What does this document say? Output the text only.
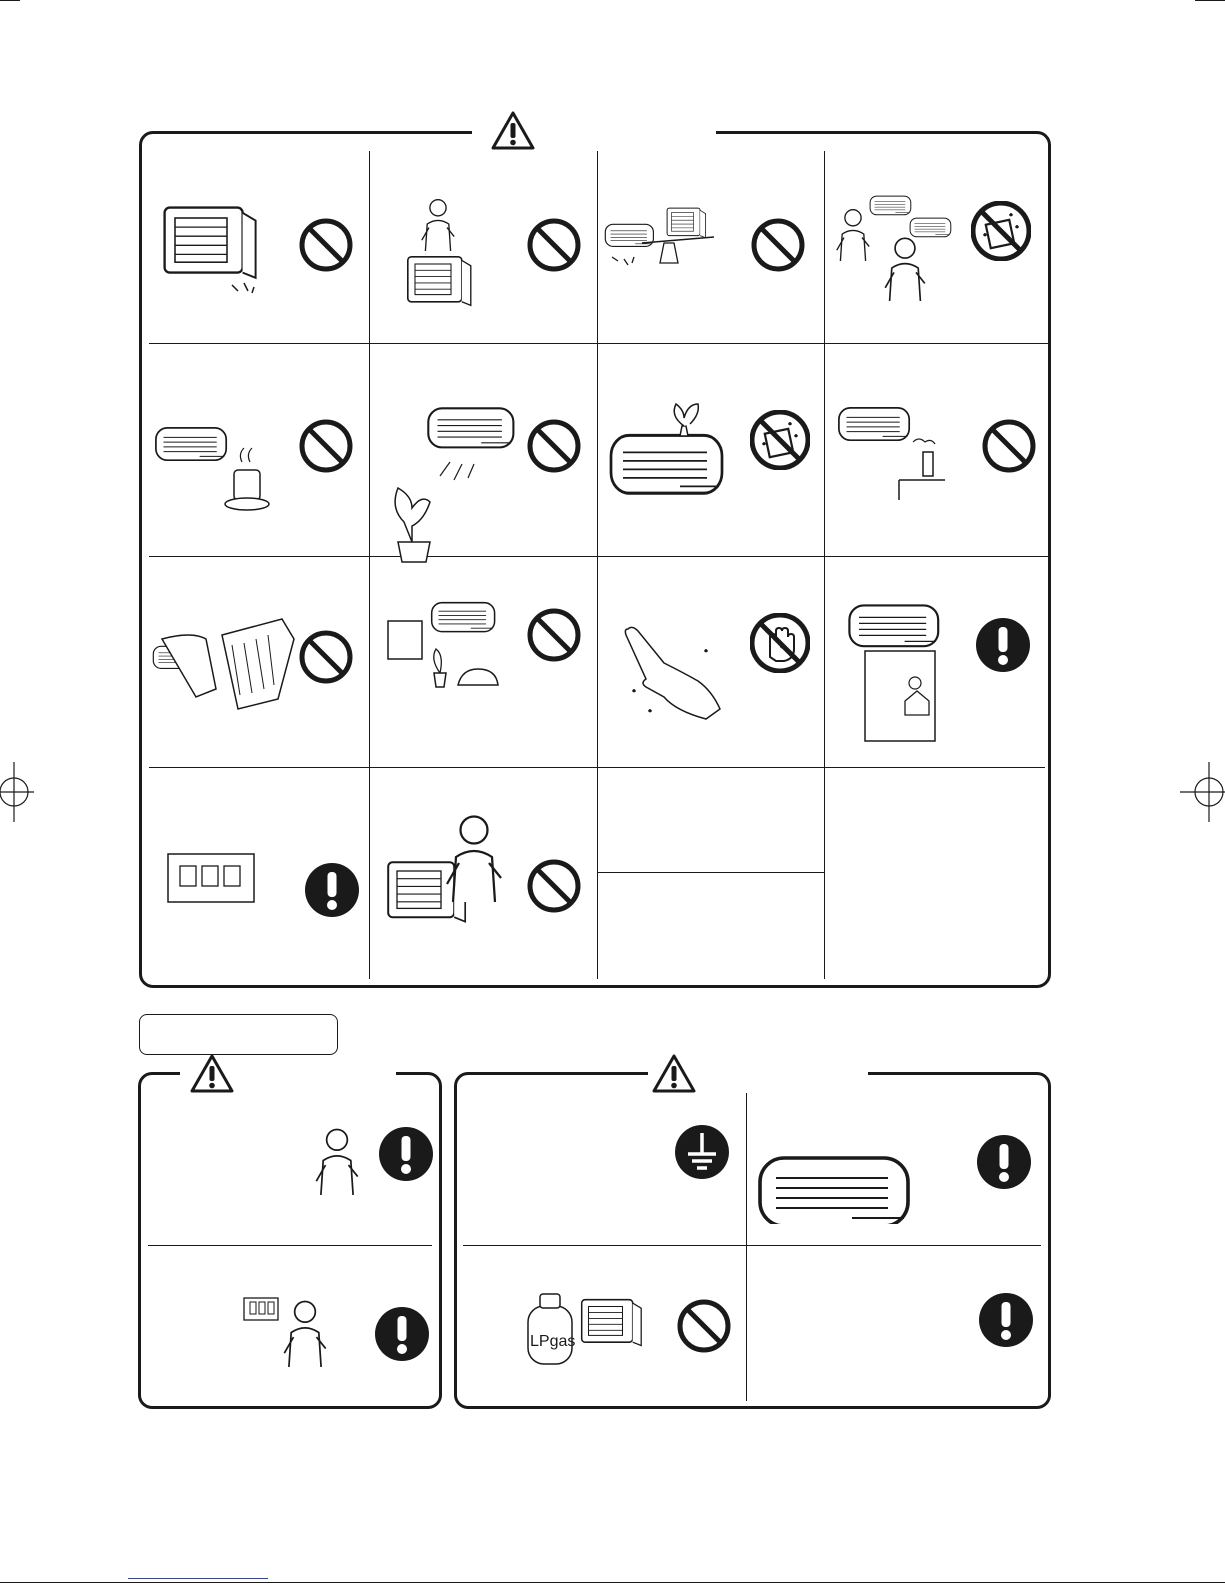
LPgas
